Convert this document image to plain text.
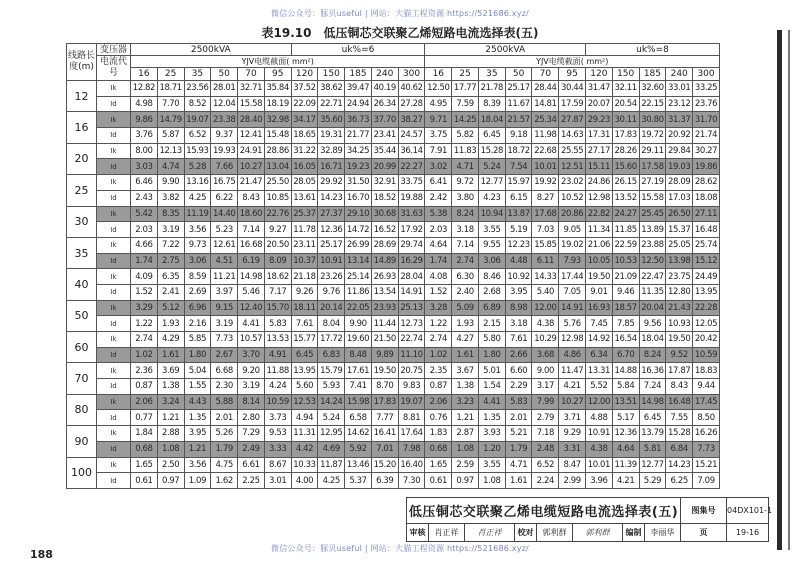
微信公众号：豚贝useful | 网站：大猫工程资源 https://521686.xyz/
表19.10　低压铜芯交联聚乙烯短路电流选择表(五)
线路长度(m)	变压器	2500kVA						uk%=6					2500kVA						uk%=8				
	电流代号	YJV电缆截面( mm²)											YJV电缆截面( mm²)										
		16	25	35	50	70	95	120	150	185	240	300	16	25	35	50	70	95	120	150	185	240	300
12	Ik	12.82	18.71	23.56	28.01	32.71	35.84	37.52	38.62	39.47	40.19	40.62	12.50	17.77	21.78	25.17	28.44	30.44	31.47	32.11	32.60	33.01	33.25
	Id	4.98	7.70	8.52	12.04	15.58	18.19	22.09	22.71	24.94	26.34	27.28	4.95	7.59	8.39	11.67	14.81	17.59	20.07	20.54	22.15	23.12	23.76
16	Ik	9.86	14.79	19.07	23.38	28.40	32.98	34.17	35.60	36.73	37.70	38.27	9.71	14.25	18.04	21.57	25.34	27.87	29.23	30.11	30.80	31.37	31.70
	Id	3.76	5.87	6.52	9.37	12.41	15.48	18.65	19.31	21.77	23.41	24.57	3.75	5.82	6.45	9.18	11.98	14.63	17.31	17.83	19.72	20.92	21.74
20	Ik	8.00	12.13	15.93	19.93	24.91	28.86	31.22	32.89	34.25	35.44	36.14	7.91	11.83	15.28	18.72	22.68	25.55	27.17	28.26	29.11	29.84	30.27
	Id	3.03	4.74	5.28	7.66	10.27	13.04	16.05	16.71	19.23	20.99	22.27	3.02	4.71	5.24	7.54	10.01	12.51	15.11	15.60	17.58	19.03	19.86
25	Ik	6.46	9.90	13.16	16.75	21.47	25.50	28.05	29.92	31.50	32.91	33.75	6.41	9.72	12.77	15.97	19.92	23.02	24.86	26.15	27.19	28.09	28.62
	Id	2.43	3.82	4.25	6.22	8.43	10.85	13.61	14.23	16.70	18.52	19.88	2.42	3.80	4.23	6.15	8.27	10.52	12.98	13.52	15.58	17.03	18.08
30	Ik	5.42	8.35	11.19	14.40	18.60	22.76	25.37	27.37	29.10	30.68	31.63	5.38	8.24	10.94	13.87	17.68	20.86	22.82	24.27	25.45	26.50	27.11
	Id	2.03	3.19	3.56	5.23	7.14	9.27	11.78	12.36	14.72	16.52	17.92	2.03	3.18	3.55	5.19	7.03	9.05	11.34	11.85	13.89	15.37	16.48
35	Ik	4.66	7.22	9.73	12.61	16.68	20.50	23.11	25.17	26.99	28.69	29.74	4.64	7.14	9.55	12.23	15.85	19.02	21.06	22.59	23.88	25.05	25.74
	Id	1.74	2.75	3.06	4.51	6.19	8.09	10.37	10.91	13.14	14.89	16.29	1.74	2.74	3.06	4.48	6.11	7.93	10.05	10.53	12.50	13.98	15.12
40	Ik	4.09	6.35	8.59	11.21	14.98	18.62	21.18	23.26	25.14	26.93	28.04	4.08	6.30	8.46	10.92	14.33	17.44	19.50	21.09	22.47	23.75	24.49
	Id	1.52	2.41	2.69	3.97	5.46	7.17	9.26	9.76	11.86	13.54	14.91	1.52	2.40	2.68	3.95	5.40	7.05	9.01	9.46	11.35	12.80	13.95
50	Ik	3.29	5.12	6.96	9.15	12.40	15.70	18.11	20.14	22.05	23.93	25.13	3.28	5.09	6.89	8.98	12.00	14.91	16.93	18.57	20.04	21.43	22.28
	Id	1.22	1.93	2.16	3.19	4.41	5.83	7.61	8.04	9.90	11.44	12.73	1.22	1.93	2.15	3.18	4.38	5.76	7.45	7.85	9.56	10.93	12.05
60	Ik	2.74	4.29	5.85	7.73	10.57	13.53	15.77	17.72	19.60	21.50	22.74	2.74	4.27	5.80	7.61	10.29	12.98	14.92	16.54	18.04	19.50	20.42
	Id	1.02	1.61	1.80	2.67	3.70	4.91	6.45	6.83	8.48	9.89	11.10	1.02	1.61	1.80	2.66	3.68	4.86	6.34	6.70	8.24	9.52	10.59
70	Ik	2.36	3.69	5.04	6.68	9.20	11.88	13.95	15.79	17.61	19.50	20.75	2.35	3.67	5.01	6.60	9.00	11.47	13.31	14.88	16.36	17.87	18.83
	Id	0.87	1.38	1.55	2.30	3.19	4.24	5.60	5.93	7.41	8.70	9.83	0.87	1.38	1.54	2.29	3.17	4.21	5.52	5.84	7.24	8.43	9.44
80	Ik	2.06	3.24	4.43	5.88	8.14	10.59	12.53	14.24	15.98	17.83	19.07	2.06	3.23	4.41	5.83	7.99	10.27	12.00	13.51	14.98	16.48	17.45
	Id	0.77	1.21	1.35	2.01	2.80	3.73	4.94	5.24	6.58	7.77	8.81	0.76	1.21	1.35	2.01	2.79	3.71	4.88	5.17	6.45	7.55	8.50
90	Ik	1.84	2.88	3.95	5.26	7.29	9.53	11.31	12.95	14.62	16.41	17.64	1.83	2.87	3.93	5.21	7.18	9.29	10.91	12.36	13.79	15.28	16.26
	Id	0.68	1.08	1.21	1.79	2.49	3.33	4.42	4.69	5.92	7.01	7.98	0.68	1.08	1.20	1.79	2.48	3.31	4.38	4.64	5.81	6.84	7.73
100	Ik	1.65	2.50	3.56	4.75	6.61	8.67	10.33	11.87	13.46	15.20	16.40	1.65	2.59	3.55	4.71	6.52	8.47	10.01	11.39	12.77	14.23	15.21
	Id	0.61	0.97	1.09	1.62	2.25	3.01	4.00	4.25	5.37	6.39	7.30	0.61	0.97	1.08	1.61	2.24	2.99	3.96	4.21	5.29	6.25	7.09
低压铜芯交联聚乙烯电缆短路电流选择表(五)								图集号	04DX101-1
审核	肖正祥	肖正祥	校对	郭利群	郭利群	编制	李丽华	页	19-16
188	微信公众号：豚贝useful | 网站：大猫工程资源 https://521686.xyz/
